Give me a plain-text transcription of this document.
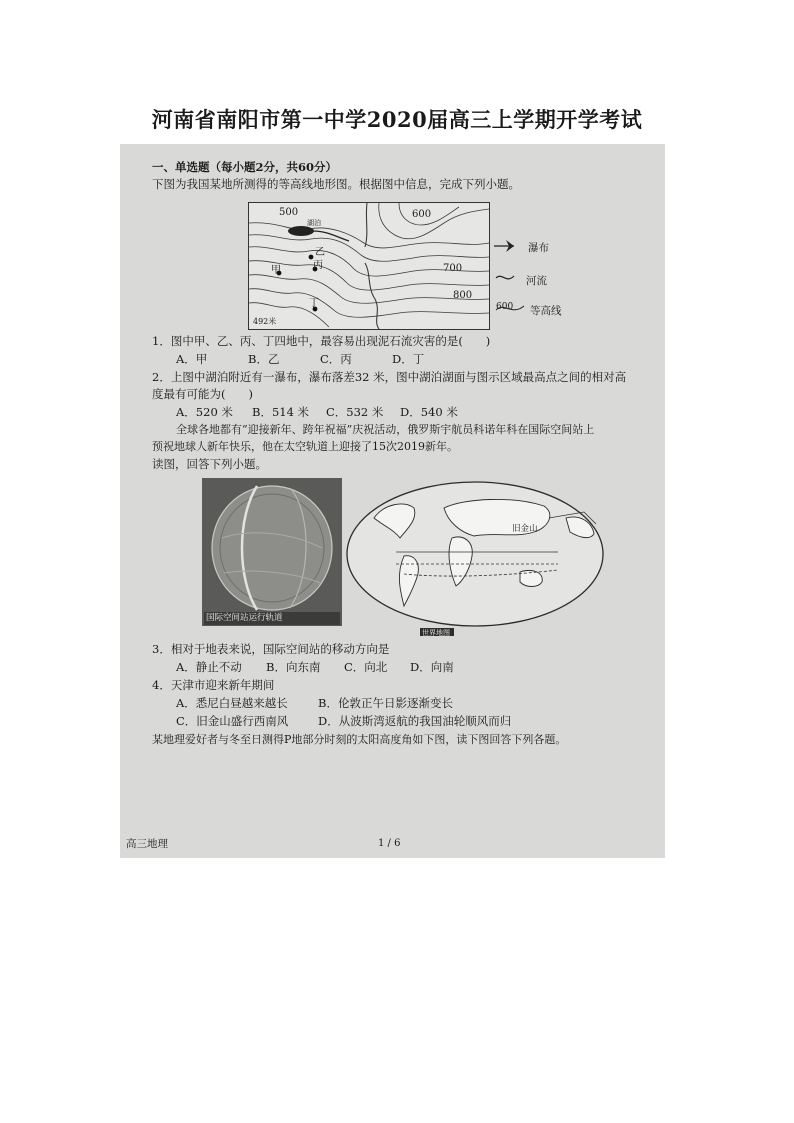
河南省南阳市第一中学2020届高三上学期开学考试
一、单选题（每小题2分，共60分）
下图为我国某地所测得的等高线地形图。根据图中信息，完成下列小题。
500
湖泊
600
乙
丙
甲	700
800
丁
492米
瀑布
河流
600 等高线
1．图中甲、乙、丙、丁四地中，最容易出现泥石流灾害的是(　　)
A．甲	B．乙	C．丙	D．丁
2．上图中湖泊附近有一瀑布，瀑布落差32 米，图中湖泊湖面与图示区域最高点之间的相对高
度最有可能为(　　)
A．520 米 B．514 米 C．532 米 D．540 米
全球各地都有“迎接新年、跨年祝福”庆祝活动，俄罗斯宇航员科诺年科在国际空间站上
预祝地球人新年快乐，他在太空轨道上迎接了15次2019新年。
读图，回答下列小题。
国际空间站运行轨道
旧金山
世界地图
3．相对于地表来说，国际空间站的移动方向是
A．静止不动 B．向东南 C．向北 D．向南
4．天津市迎来新年期间
A．悉尼白昼越来越长	B．伦敦正午日影逐渐变长
C．旧金山盛行西南风	D．从波斯湾返航的我国油轮顺风而归
某地理爱好者与冬至日测得P地部分时刻的太阳高度角如下图，读下图回答下列各题。
高三地理	1 / 6
